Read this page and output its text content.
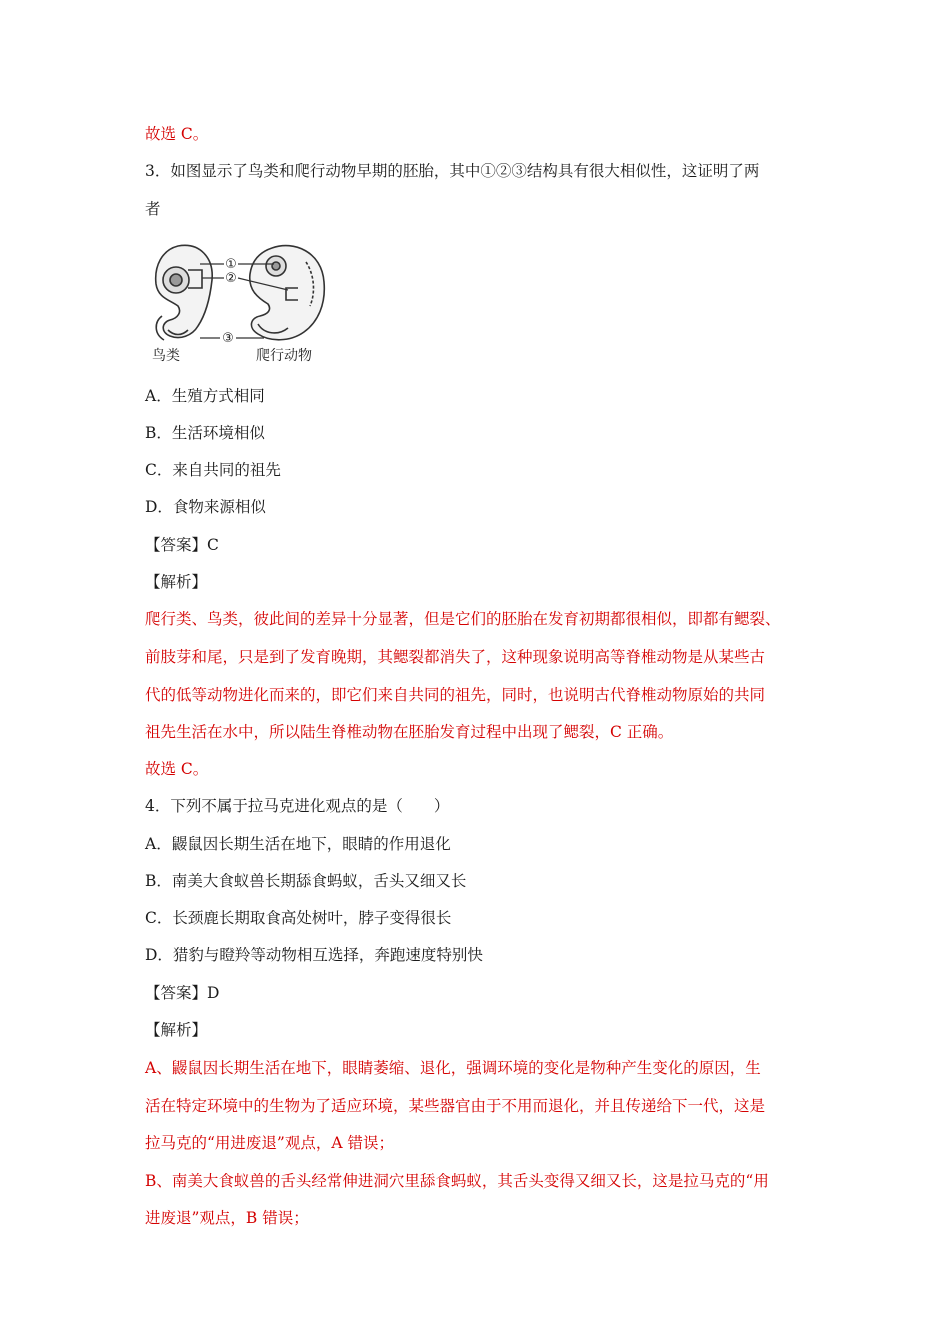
故选 C。
3．如图显示了鸟类和爬行动物早期的胚胎，其中①②③结构具有很大相似性，这证明了两
者
①
②
③
鸟类	爬行动物
A．生殖方式相同
B．生活环境相似
C．来自共同的祖先
D．食物来源相似
【答案】C
【解析】
爬行类、鸟类，彼此间的差异十分显著，但是它们的胚胎在发育初期都很相似，即都有鳃裂、
前肢芽和尾，只是到了发育晚期，其鳃裂都消失了，这种现象说明高等脊椎动物是从某些古
代的低等动物进化而来的，即它们来自共同的祖先，同时，也说明古代脊椎动物原始的共同
祖先生活在水中，所以陆生脊椎动物在胚胎发育过程中出现了鳃裂，C 正确。
故选 C。
4．下列不属于拉马克进化观点的是（　　）
A．鼹鼠因长期生活在地下，眼睛的作用退化
B．南美大食蚁兽长期舔食蚂蚁，舌头又细又长
C．长颈鹿长期取食高处树叶，脖子变得很长
D．猎豹与瞪羚等动物相互选择，奔跑速度特别快
【答案】D
【解析】
A、鼹鼠因长期生活在地下，眼睛萎缩、退化，强调环境的变化是物种产生变化的原因，生
活在特定环境中的生物为了适应环境，某些器官由于不用而退化，并且传递给下一代，这是
拉马克的“用进废退”观点，A 错误；
B、南美大食蚁兽的舌头经常伸进洞穴里舔食蚂蚁，其舌头变得又细又长，这是拉马克的“用
进废退”观点，B 错误；
